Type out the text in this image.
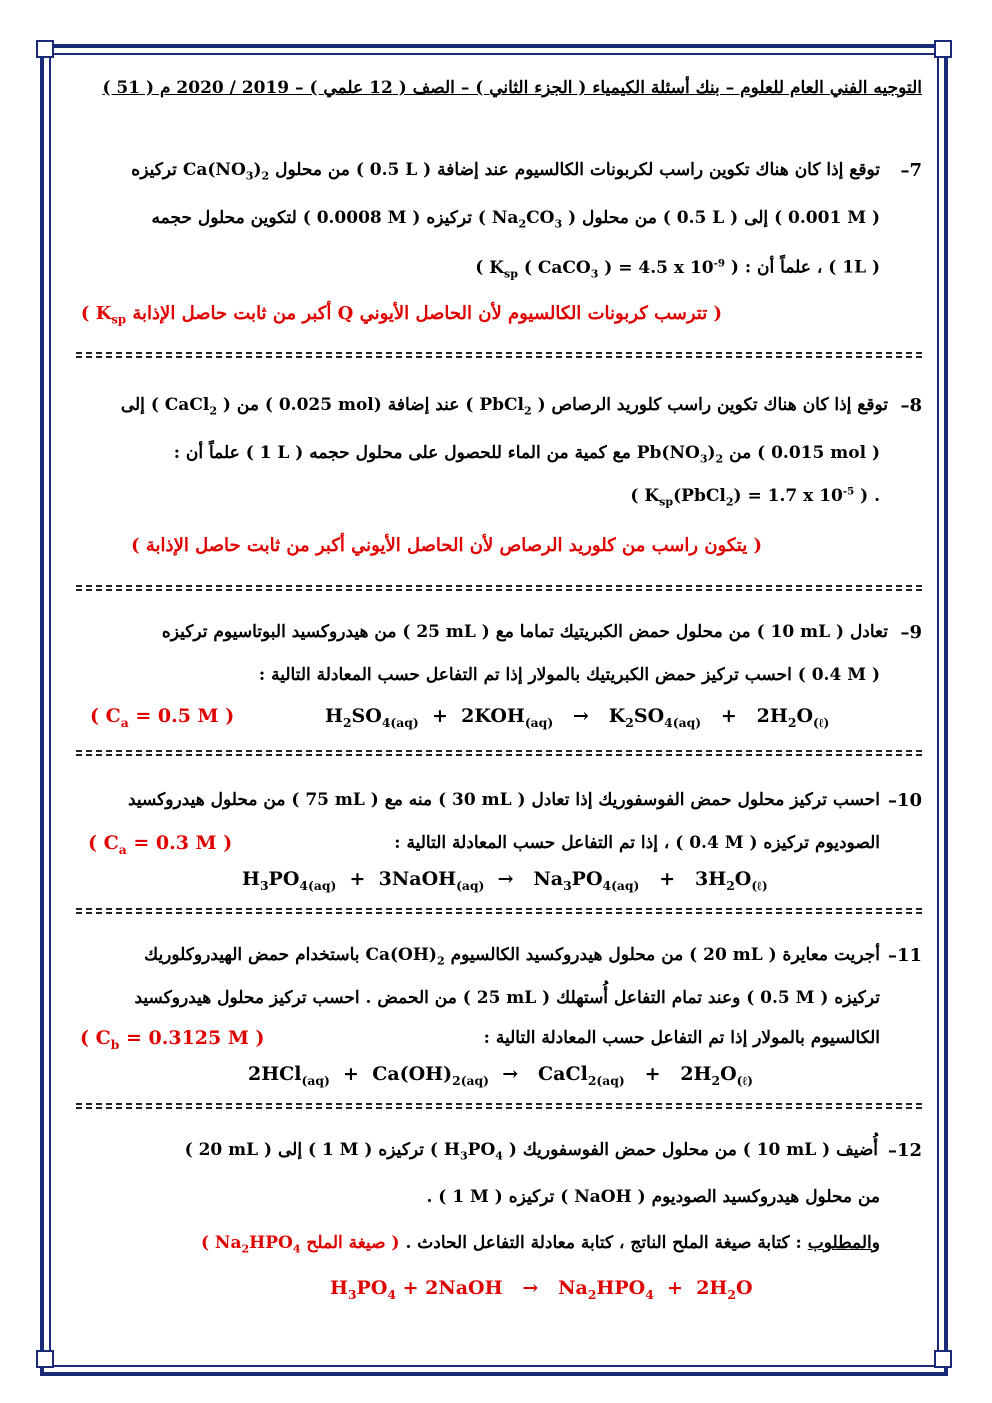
التوجيه الفني العام للعلوم – بنك أسئلة الكيمياء ( الجزء الثاني ) – الصف ( 12 علمي ) – 2019 / 2020 م ( 51 )
7–
توقع إذا كان هناك تكوين راسب لكربونات الكالسيوم عند إضافة ( 0.5 L ) من محلول $Ca(NO_3)_2$ تركيزه
( 0.001 M ) إلى ( 0.5 L ) من محلول ( $Na_2CO_3$ ) تركيزه ( 0.0008 M ) لتكوين محلول حجمه
( 1L ) ، علماً أن : ( $K_{sp}$ ( CaCO$_3$ ) = 4.5 x $10^{-9}$ )
( تترسب كربونات الكالسيوم لأن الحاصل الأيوني Q أكبر من ثابت حاصل الإذابة $K_{sp}$ )
8–
توقع إذا كان هناك تكوين راسب كلوريد الرصاص ( PbCl$_2$ ) عند إضافة (0.025 mol ) من ( CaCl$_2$ ) إلى
( 0.015 mol ) من $Pb(NO_3)_2$ مع كمية من الماء للحصول على محلول حجمه ( 1 L ) علماً أن :
( $K_{sp}(PbCl_2) = 1.7$ x $10^{-5}$ ) .
( يتكون راسب من كلوريد الرصاص لأن الحاصل الأيوني أكبر من ثابت حاصل الإذابة )
9–
تعادل ( 10 mL ) من محلول حمض الكبريتيك تماما مع ( 25 mL ) من هيدروكسيد البوتاسيوم تركيزه
( 0.4 M ) احسب تركيز حمض الكبريتيك بالمولار إذا تم التفاعل حسب المعادلة التالية :
$H_2SO_{4(aq)} + 2KOH_{(aq)} \to K_2SO_{4(aq)} + 2H_2O_{(\ell)}$
( $C_a = 0.5$ M )
10–
احسب تركيز محلول حمض الفوسفوريك إذا تعادل ( 30 mL ) منه مع ( 75 mL ) من محلول هيدروكسيد
الصوديوم تركيزه ( 0.4 M ) ، إذا تم التفاعل حسب المعادلة التالية :
( $C_a = 0.3$ M )
$H_3PO_{4(aq)}$  +  3NaOH$_{(aq)}$  →   $Na_3PO_{4(aq)} + 3H_2O_{(\ell)}$
11–
أجريت معايرة ( 20 mL ) من محلول هيدروكسيد الكالسيوم $Ca(OH)_2$ باستخدام حمض الهيدروكلوريك
تركيزه ( 0.5 M ) وعند تمام التفاعل أُستهلك ( 25 mL ) من الحمض . احسب تركيز محلول هيدروكسيد
الكالسيوم بالمولار إذا تم التفاعل حسب المعادلة التالية :
( $C_b = 0.3125$ M )
$2HCl_{(aq)} + Ca(OH)_{2(aq)}$  →   CaCl$_{2(aq)}$   +   $2H_2O_{(\ell)}$
12–
أُضيف ( 10 mL ) من محلول حمض الفوسفوريك ( $H_3PO_4$ ) تركيزه ( 1 M ) إلى ( 20 mL )
من محلول هيدروكسيد الصوديوم ( NaOH ) تركيزه ( 1 M ) .
والمطلوب : كتابة صيغة الملح الناتج ، كتابة معادلة التفاعل الحادث . ( صيغة الملح $Na_2HPO_4$ )
$H_3PO_4$ + 2NaOH   →   $Na_2HPO_4 + 2H_2O$
